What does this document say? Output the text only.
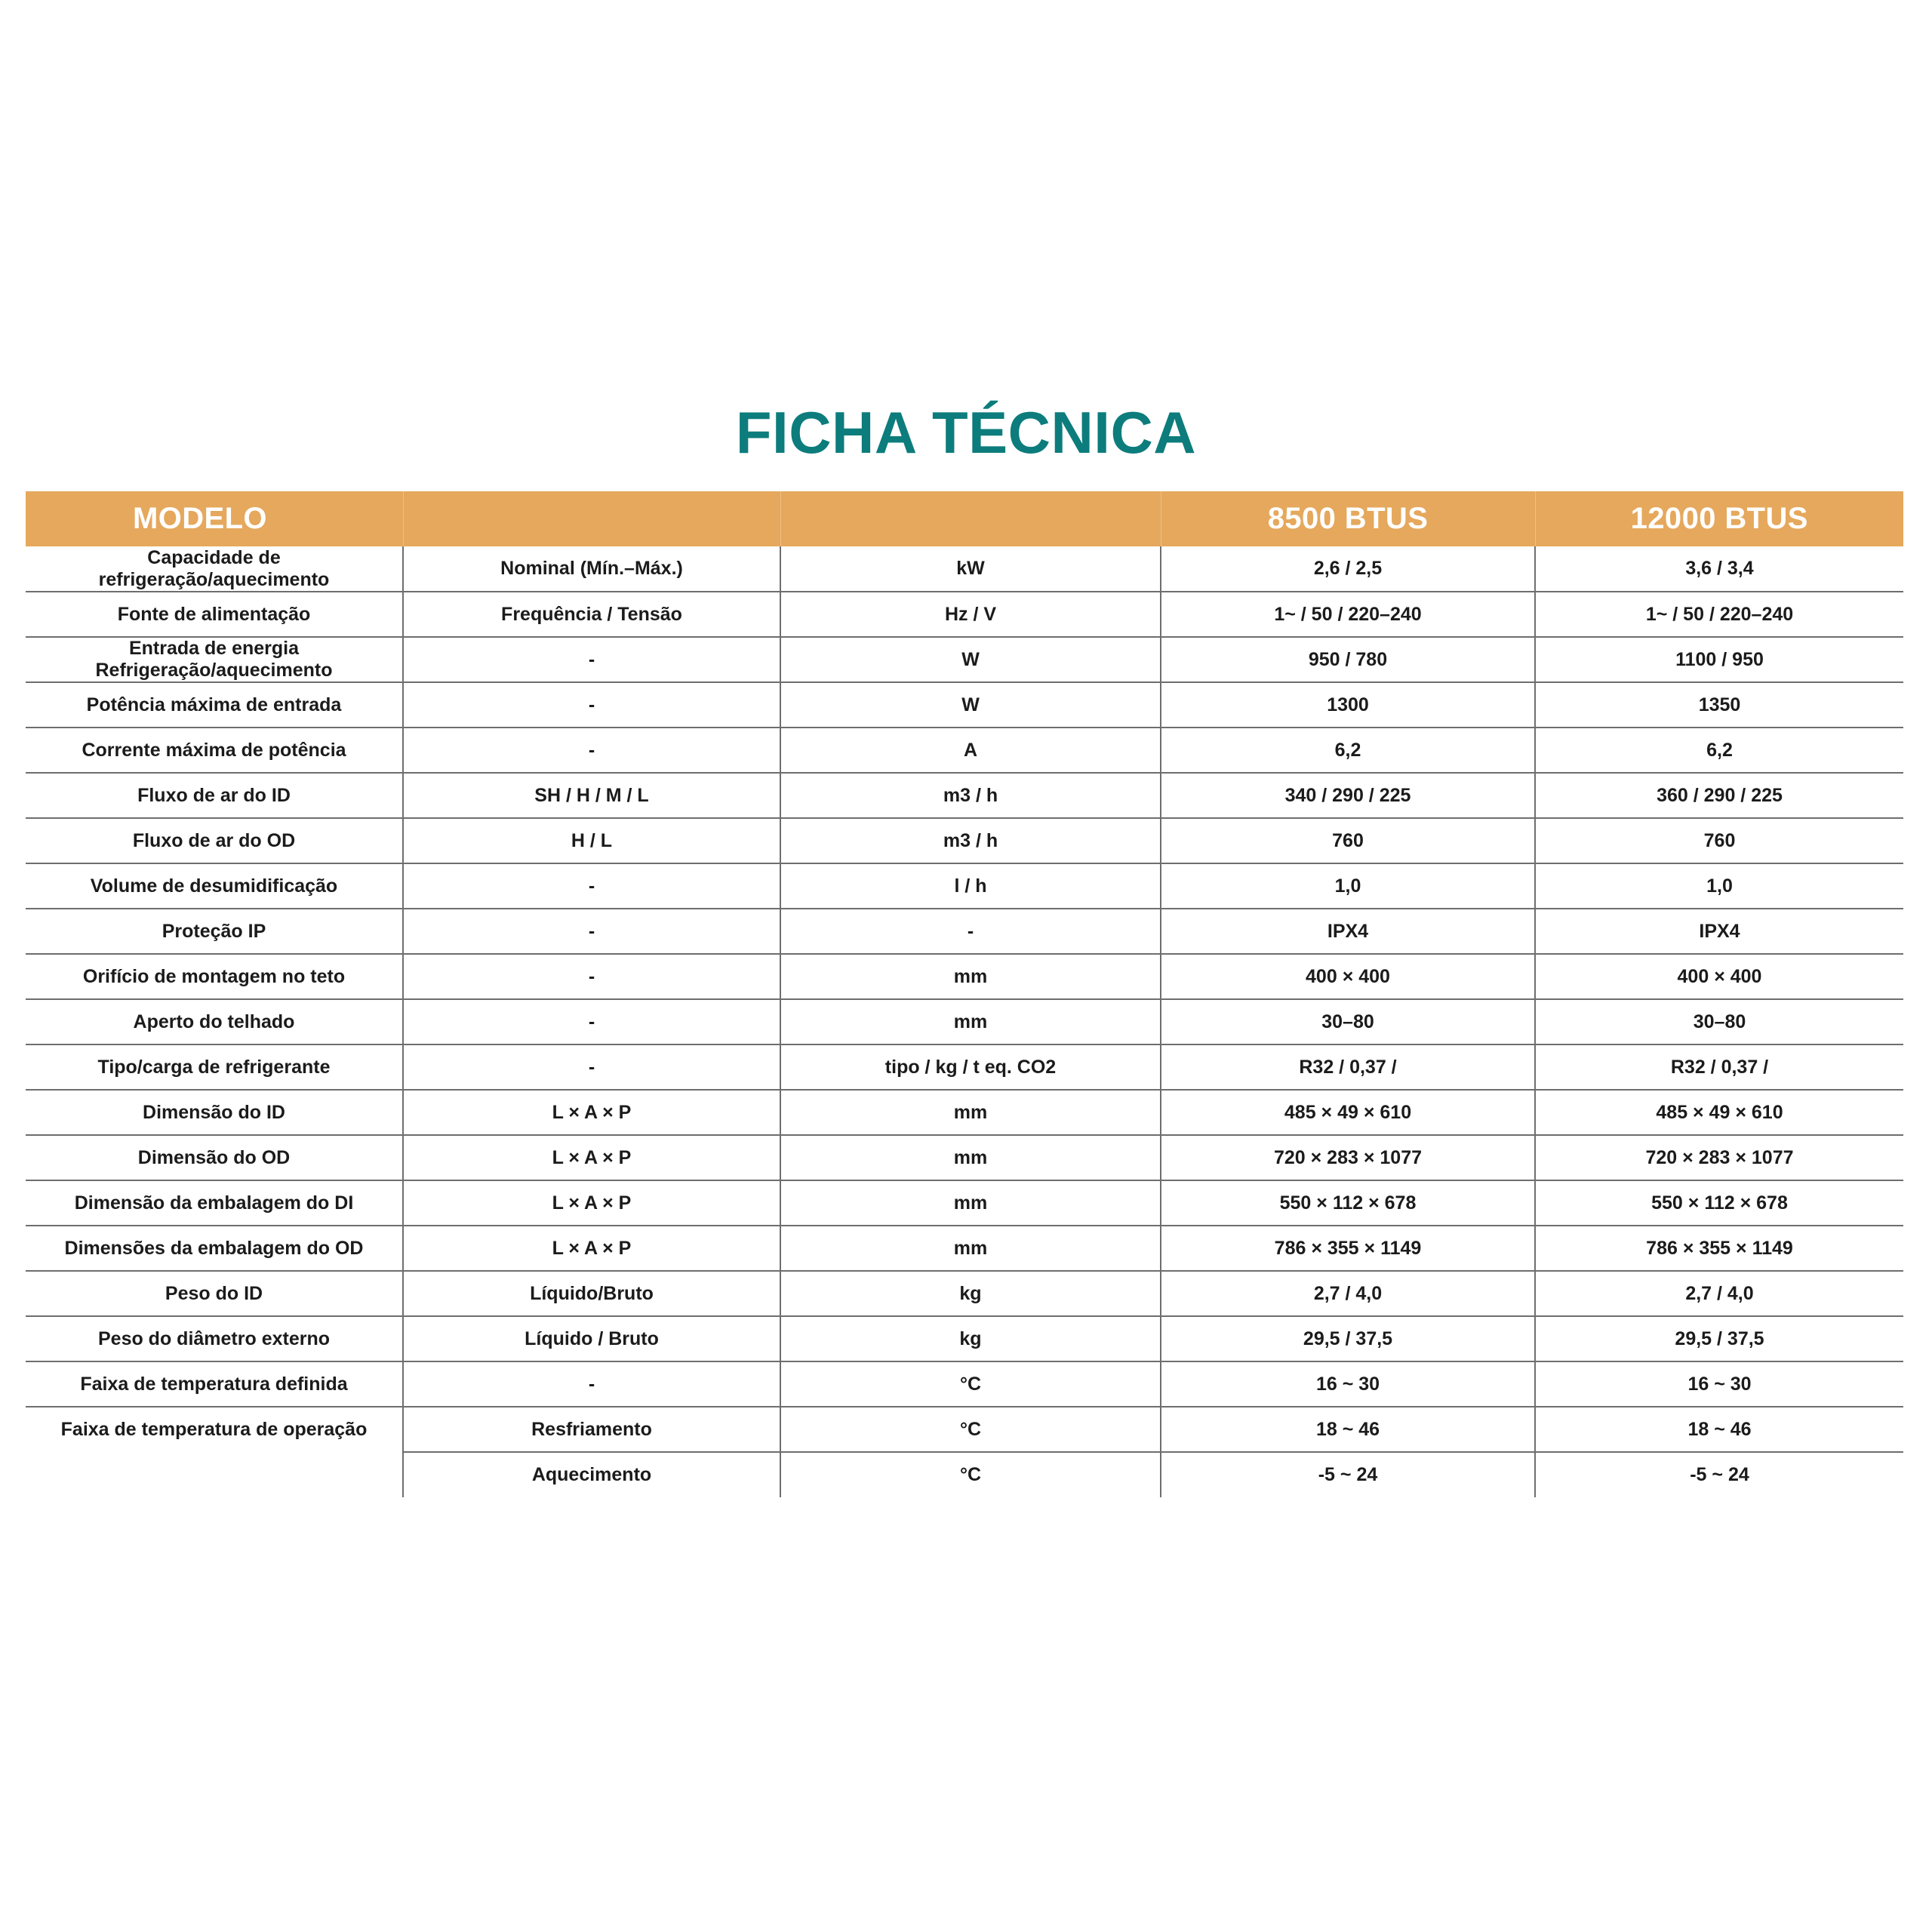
FICHA TÉCNICA
MODELO			8500 BTUS	12000 BTUS
Capacidade de refrigeração/aquecimento	Nominal (Mín.–Máx.)	kW	2,6 / 2,5	3,6 / 3,4
Fonte de alimentação	Frequência / Tensão	Hz / V	1~ / 50 / 220–240	1~ / 50 / 220–240
Entrada de energia Refrigeração/aquecimento	-	W	950 / 780	1100 / 950
Potência máxima de entrada	-	W	1300	1350
Corrente máxima de potência	-	A	6,2	6,2
Fluxo de ar do ID	SH / H / M / L	m3 / h	340 / 290 / 225	360 / 290 / 225
Fluxo de ar do OD	H / L	m3 / h	760	760
Volume de desumidificação	-	l / h	1,0	1,0
Proteção IP	-	-	IPX4	IPX4
Orifício de montagem no teto	-	mm	400 × 400	400 × 400
Aperto do telhado	-	mm	30–80	30–80
Tipo/carga de refrigerante	-	tipo / kg / t eq. CO2	R32 / 0,37 /	R32 / 0,37 /
Dimensão do ID	L × A × P	mm	485 × 49 × 610	485 × 49 × 610
Dimensão do OD	L × A × P	mm	720 × 283 × 1077	720 × 283 × 1077
Dimensão da embalagem do DI	L × A × P	mm	550 × 112 × 678	550 × 112 × 678
Dimensões da embalagem do OD	L × A × P	mm	786 × 355 × 1149	786 × 355 × 1149
Peso do ID	Líquido/Bruto	kg	2,7 / 4,0	2,7 / 4,0
Peso do diâmetro externo	Líquido / Bruto	kg	29,5 / 37,5	29,5 / 37,5
Faixa de temperatura definida	-	°C	16 ~ 30	16 ~ 30
Faixa de temperatura de operação	Resfriamento	°C	18 ~ 46	18 ~ 46
	Aquecimento	°C	-5 ~ 24	-5 ~ 24
